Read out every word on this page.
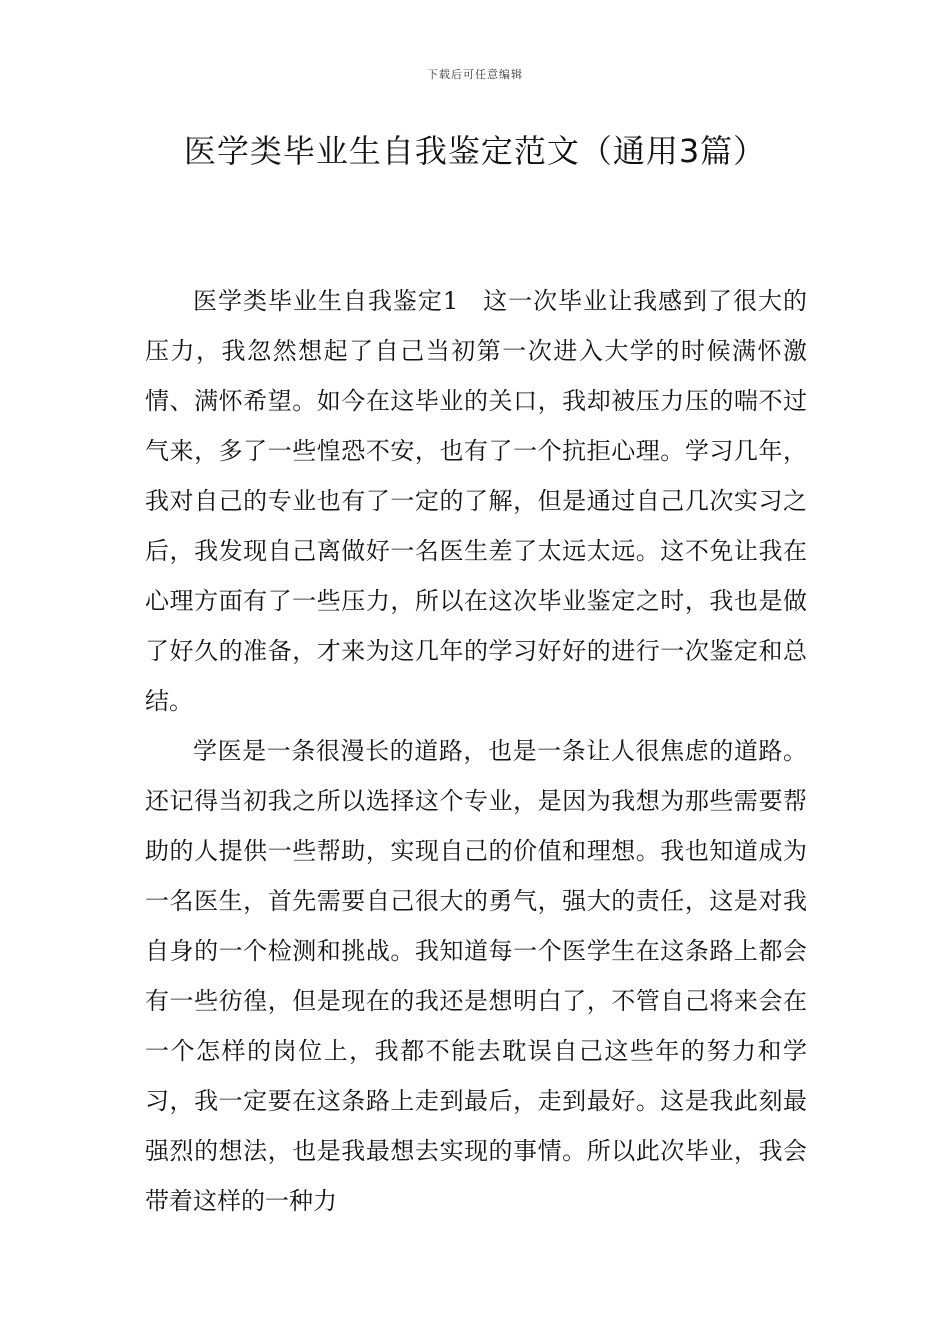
下载后可任意编辑
医学类毕业生自我鉴定范文（通用3篇）

医学类毕业生自我鉴定1 这一次毕业让我感到了很大的压力，我忽然想起了自己当初第一次进入大学的时候满怀激情、满怀希望。如今在这毕业的关口，我却被压力压的喘不过气来，多了一些惶恐不安，也有了一个抗拒心理。学习几年，我对自己的专业也有了一定的了解，但是通过自己几次实习之后，我发现自己离做好一名医生差了太远太远。这不免让我在心理方面有了一些压力，所以在这次毕业鉴定之时，我也是做了好久的准备，才来为这几年的学习好好的进行一次鉴定和总结。

学医是一条很漫长的道路，也是一条让人很焦虑的道路。还记得当初我之所以选择这个专业，是因为我想为那些需要帮助的人提供一些帮助，实现自己的价值和理想。我也知道成为一名医生，首先需要自己很大的勇气，强大的责任，这是对我自身的一个检测和挑战。我知道每一个医学生在这条路上都会有一些彷徨，但是现在的我还是想明白了，不管自己将来会在一个怎样的岗位上，我都不能去耽误自己这些年的努力和学习，我一定要在这条路上走到最后，走到最好。这是我此刻最强烈的想法，也是我最想去实现的事情。所以此次毕业，我会带着这样的一种力
